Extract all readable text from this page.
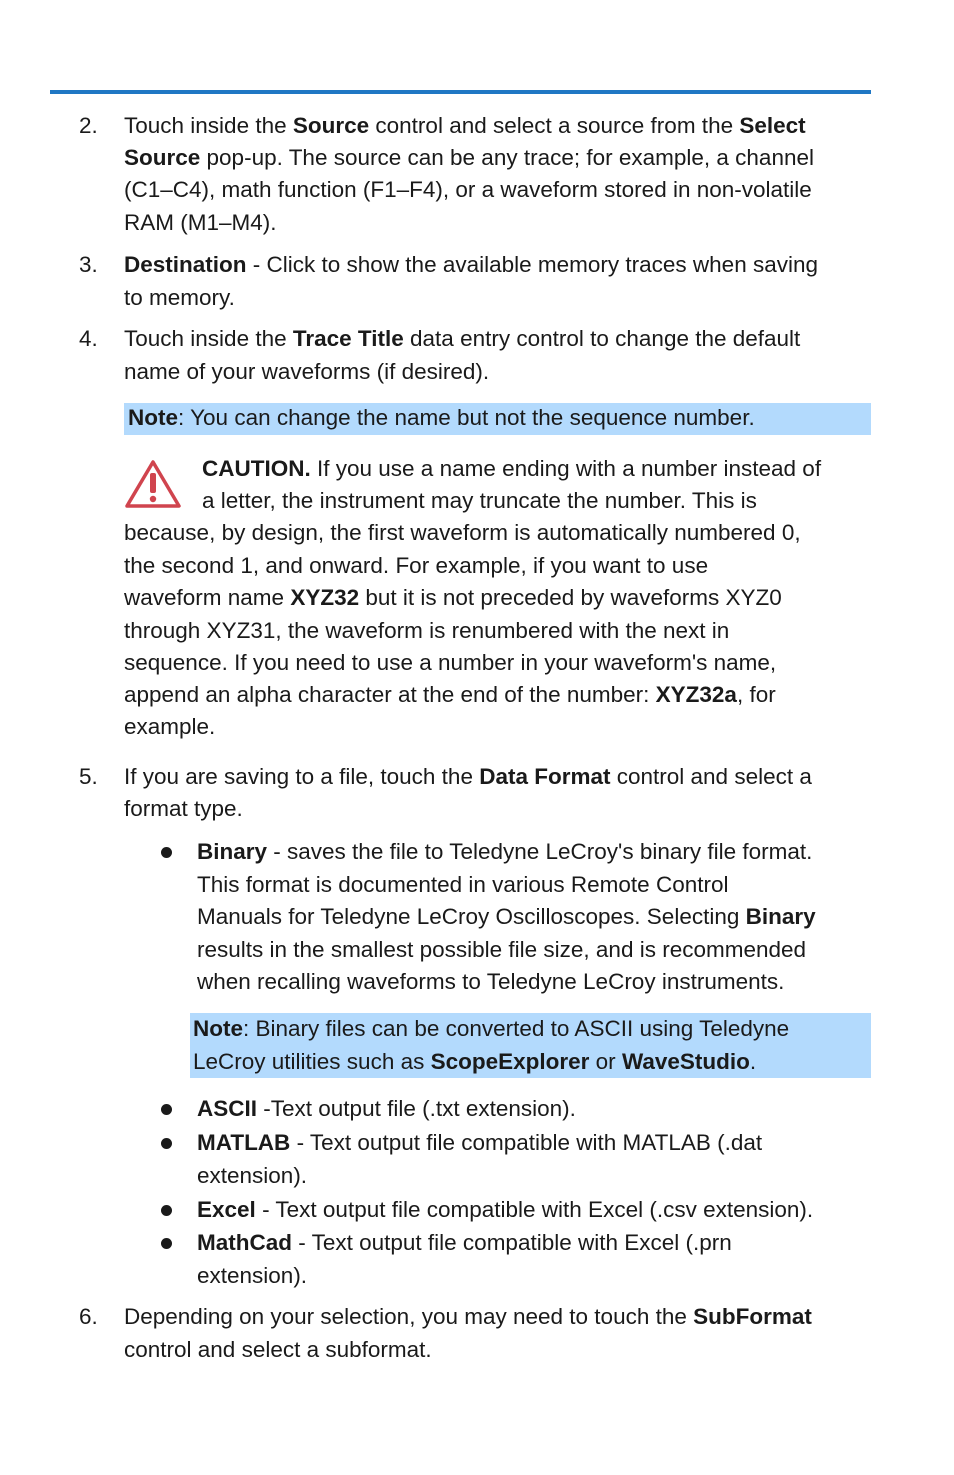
2. Touch inside the Source control and select a source from the Select
Source pop-up. The source can be any trace; for example, a channel
(C1–C4), math function (F1–F4), or a waveform stored in non-volatile
RAM (M1–M4).
3. Destination - Click to show the available memory traces when saving
to memory.
4. Touch inside the Trace Title data entry control to change the default
name of your waveforms (if desired).
Note: You can change the name but not the sequence number.
CAUTION. If you use a name ending with a number instead of
a letter, the instrument may truncate the number. This is
because, by design, the first waveform is automatically numbered 0,
the second 1, and onward. For example, if you want to use
waveform name XYZ32 but it is not preceded by waveforms XYZ0
through XYZ31, the waveform is renumbered with the next in
sequence. If you need to use a number in your waveform's name,
append an alpha character at the end of the number: XYZ32a, for
example.
5. If you are saving to a file, touch the Data Format control and select a
format type.
Binary - saves the file to Teledyne LeCroy's binary file format.
This format is documented in various Remote Control
Manuals for Teledyne LeCroy Oscilloscopes. Selecting Binary
results in the smallest possible file size, and is recommended
when recalling waveforms to Teledyne LeCroy instruments.
Note: Binary files can be converted to ASCII using Teledyne
LeCroy utilities such as ScopeExplorer or WaveStudio.
ASCII -Text output file (.txt extension).
MATLAB - Text output file compatible with MATLAB (.dat
extension).
Excel - Text output file compatible with Excel (.csv extension).
MathCad - Text output file compatible with Excel (.prn
extension).
6. Depending on your selection, you may need to touch the SubFormat
control and select a subformat.
